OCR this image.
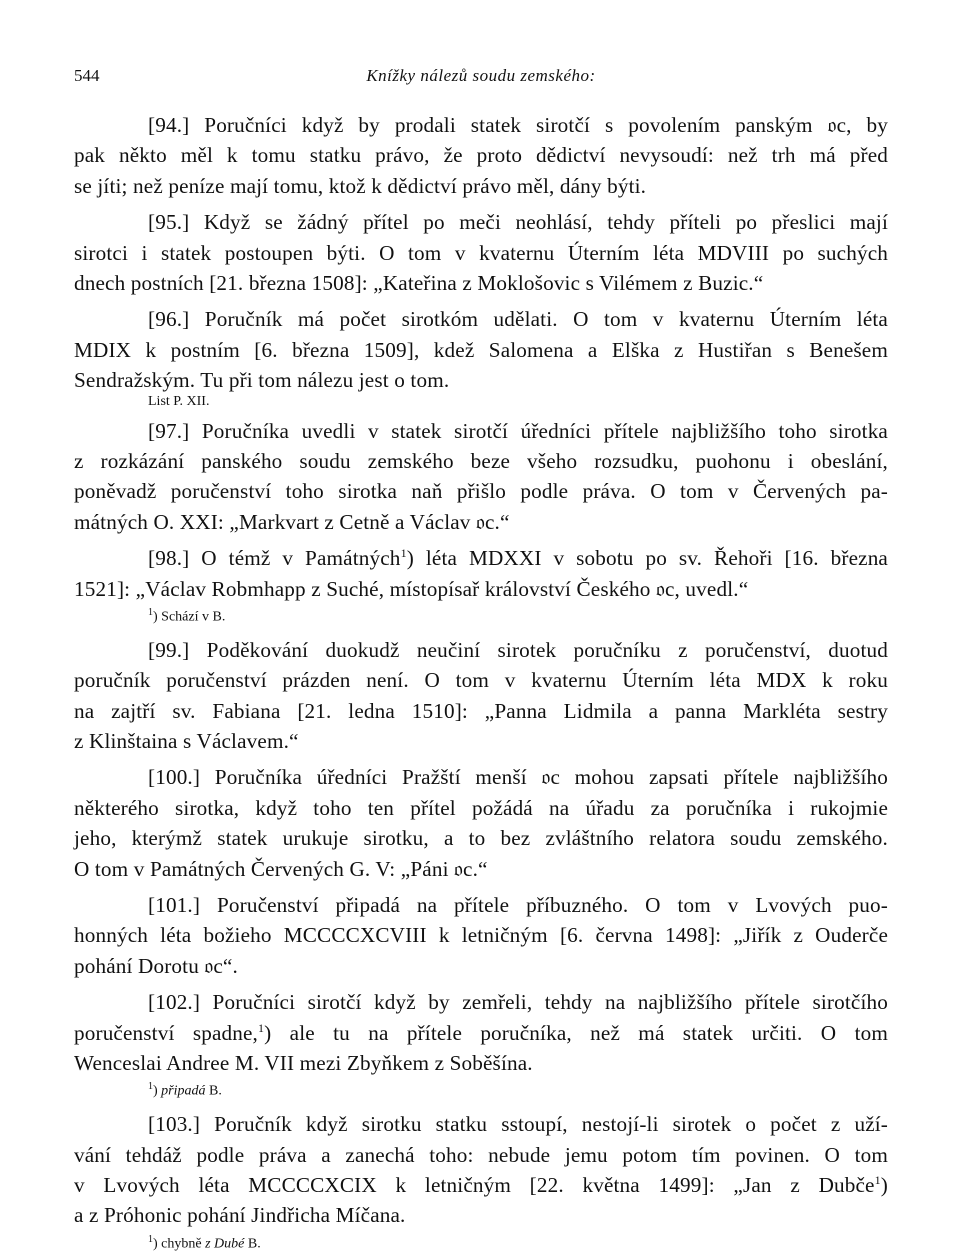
544	Knížky nálezů soudu zemského:
[94.] Poručníci když by prodali statek sirotčí s povolením panským 𝔬c, by
pak někto měl k tomu statku právo, že proto dědictví nevysoudí: než trh má před
se jíti; než peníze mají tomu, ktož k dědictví právo měl, dány býti.
[95.] Když se žádný přítel po meči neohlásí, tehdy příteli po přeslici mají
sirotci i statek postoupen býti. O tom v kvaternu Úterním léta MDVIII po suchých
dnech postních [21. března 1508]: „Kateřina z Moklošovic s Vilémem z Buzic.“
[96.] Poručník má počet sirotkóm udělati. O tom v kvaternu Úterním léta
MDIX k postním [6. března 1509], kdež Salomena a Elška z Hustiřan s Benešem
Sendražským. Tu při tom nálezu jest o tom.
List P. XII.
[97.] Poručníka uvedli v statek sirotčí úředníci přítele najbližšího toho sirotka
z rozkázání panského soudu zemského beze všeho rozsudku, puohonu i obeslání,
poněvadž poručenství toho sirotka naň přišlo podle práva. O tom v Červených pa-
mátných O. XXI: „Markvart z Cetně a Václav 𝔬c.“
[98.] O témž v Památných$^1$) léta MDXXI v sobotu po sv. Řehoři [16. března
1521]: „Václav Robmhapp z Suché, místopísař království Českého 𝔬c, uvedl.“
$^1$) Schází v B.
[99.] Poděkování duokudž neučiní sirotek poručníku z poručenství, duotud
poručník poručenství prázden není. O tom v kvaternu Úterním léta MDX k roku
na zajtří sv. Fabiana [21. ledna 1510]: „Panna Lidmila a panna Markléta sestry
z Klinštaina s Václavem.“
[100.] Poručníka úředníci Pražští menší 𝔬c mohou zapsati přítele najbližšího
některého sirotka, když toho ten přítel požádá na úřadu za poručníka i rukojmie
jeho, kterýmž statek urukuje sirotku, a to bez zvláštního relatora soudu zemského.
O tom v Památných Červených G. V: „Páni 𝔬c.“
[101.] Poručenství připadá na přítele příbuzného. O tom v Lvových puo-
honných léta božieho MCCCCXCVIII k letničným [6. června 1498]: „Jiřík z Ouderče
pohání Dorotu 𝔬c“.
[102.] Poručníci sirotčí když by zemřeli, tehdy na najbližšího přítele sirotčího
poručenství spadne,$^1$) ale tu na přítele poručníka, než má statek určiti. O tom
Wenceslai Andree M. VII mezi Zbyňkem z Soběšína.
$^1$) připadá B.
[103.] Poručník když sirotku statku sstoupí, nestojí-li sirotek o počet z uží-
vání tehdáž podle práva a zanechá toho: nebude jemu potom tím povinen. O tom
v Lvových léta MCCCCXCIX k letničným [22. května 1499]: „Jan z Dubče$^1$)
a z Próhonic pohání Jindřicha Míčana.
$^1$) chybně z Dubé B.
